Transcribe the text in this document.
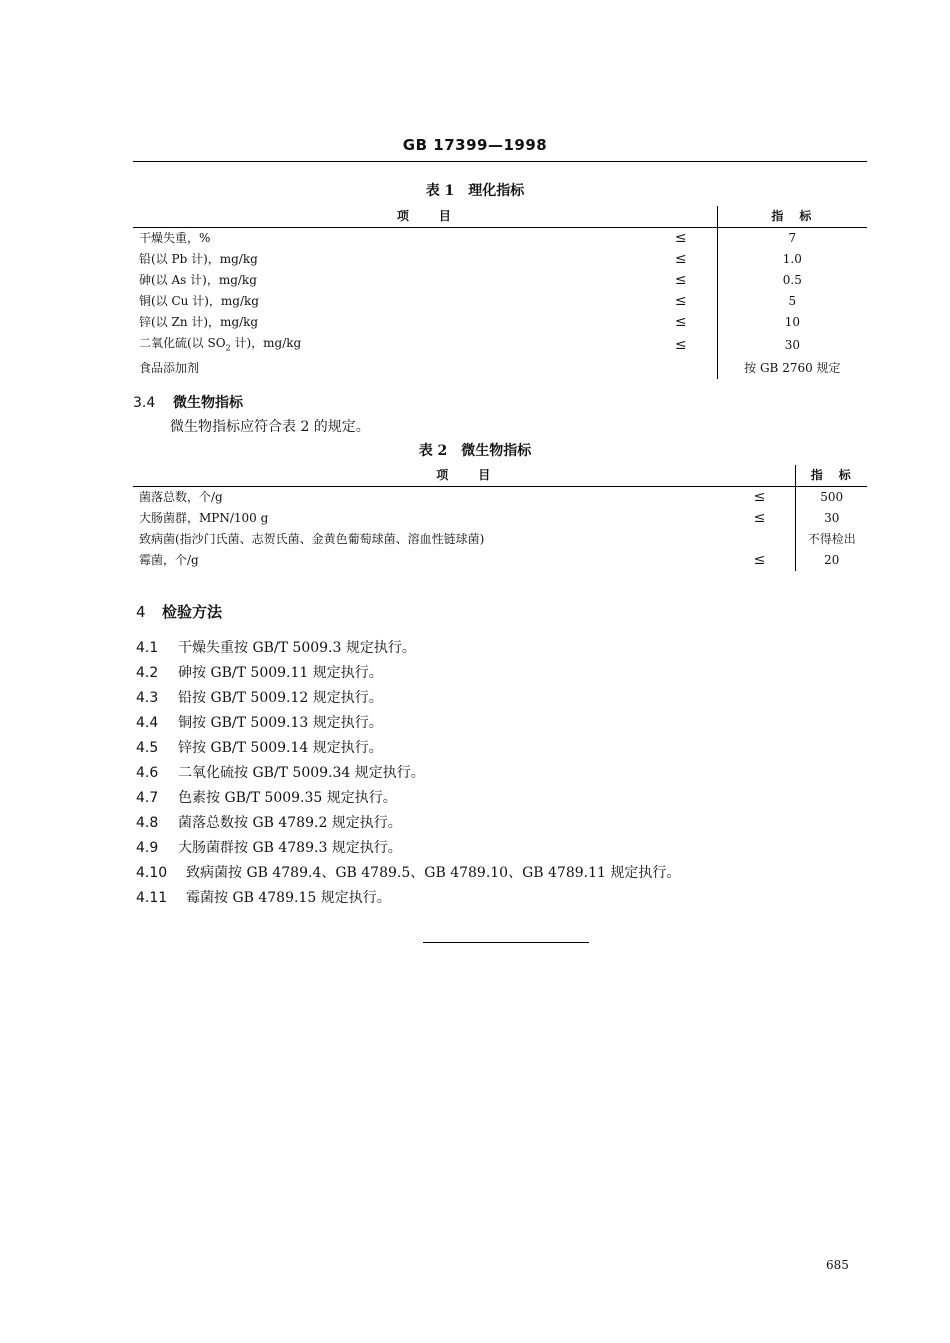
GB 17399—1998
表 1　理化指标
项　　目		指　标
干燥失重，%	≤	7
铅(以 Pb 计)，mg/kg	≤	1.0
砷(以 As 计)，mg/kg	≤	0.5
铜(以 Cu 计)，mg/kg	≤	5
锌(以 Zn 计)，mg/kg	≤	10
二氧化硫(以 $SO_2$ 计)，mg/kg	≤	30
食品添加剂		按 GB 2760 规定
3.4 微生物指标
微生物指标应符合表 2 的规定。
表 2　微生物指标
项　　目		指　标
菌落总数，个/g	≤	500
大肠菌群，MPN/100 g	≤	30
致病菌(指沙门氏菌、志贺氏菌、金黄色葡萄球菌、溶血性链球菌)		不得检出
霉菌，个/g	≤	20
4 检验方法
4.1 干燥失重按 GB/T 5009.3 规定执行。
4.2 砷按 GB/T 5009.11 规定执行。
4.3 铅按 GB/T 5009.12 规定执行。
4.4 铜按 GB/T 5009.13 规定执行。
4.5 锌按 GB/T 5009.14 规定执行。
4.6 二氧化硫按 GB/T 5009.34 规定执行。
4.7 色素按 GB/T 5009.35 规定执行。
4.8 菌落总数按 GB 4789.2 规定执行。
4.9 大肠菌群按 GB 4789.3 规定执行。
4.10 致病菌按 GB 4789.4、GB 4789.5、GB 4789.10、GB 4789.11 规定执行。
4.11 霉菌按 GB 4789.15 规定执行。
685
